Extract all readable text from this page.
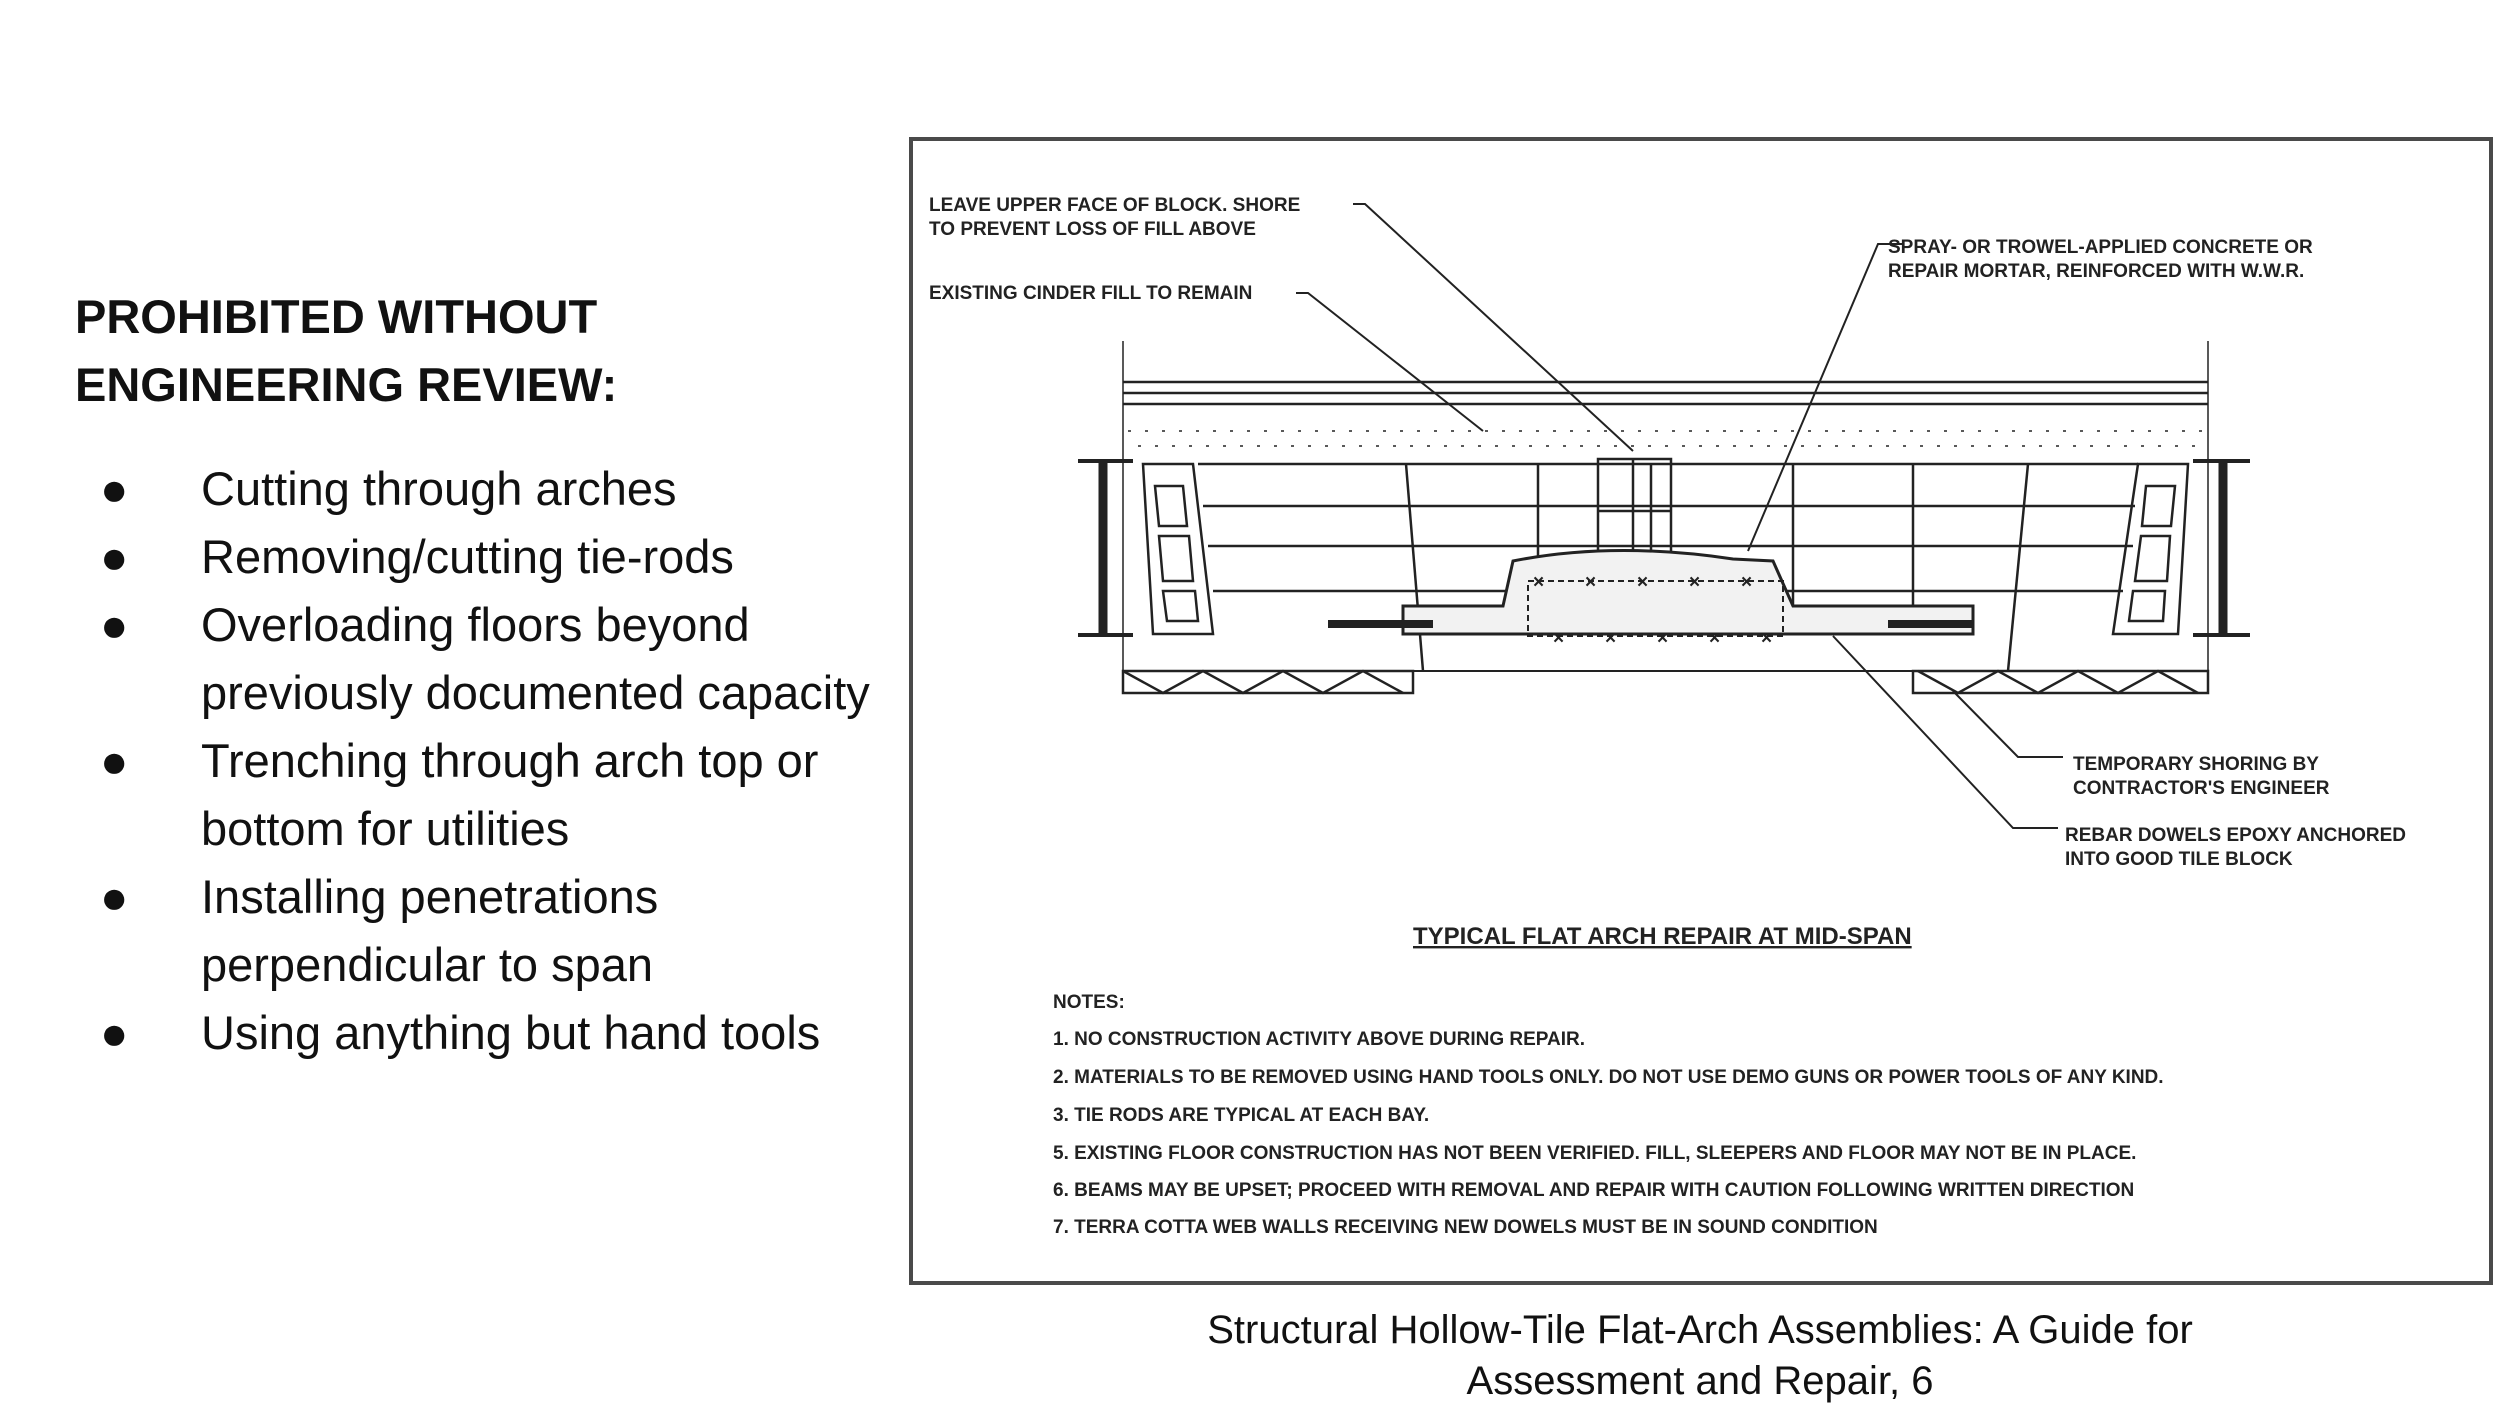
PROHIBITED WITHOUT
ENGINEERING REVIEW:
● Cutting through arches
● Removing/cutting tie-rods
● Overloading floors beyond previously documented capacity
● Trenching through arch top or bottom for utilities
● Installing penetrations perpendicular to span
● Using anything but hand tools
× × × × ×
× × × × ×
LEAVE UPPER FACE OF BLOCK. SHORE
TO PREVENT LOSS OF FILL ABOVE
EXISTING CINDER FILL TO REMAIN
SPRAY- OR TROWEL-APPLIED CONCRETE OR
REPAIR MORTAR, REINFORCED WITH W.W.R.
TEMPORARY SHORING BY
CONTRACTOR'S ENGINEER
REBAR DOWELS EPOXY ANCHORED
INTO GOOD TILE BLOCK
TYPICAL FLAT ARCH REPAIR AT MID-SPAN
NOTES:
1. NO CONSTRUCTION ACTIVITY ABOVE DURING REPAIR.
2. MATERIALS TO BE REMOVED USING HAND TOOLS ONLY. DO NOT USE DEMO GUNS OR POWER TOOLS OF ANY KIND.
3. TIE RODS ARE TYPICAL AT EACH BAY.
5. EXISTING FLOOR CONSTRUCTION HAS NOT BEEN VERIFIED. FILL, SLEEPERS AND FLOOR MAY NOT BE IN PLACE.
6. BEAMS MAY BE UPSET; PROCEED WITH REMOVAL AND REPAIR WITH CAUTION FOLLOWING WRITTEN DIRECTION
7. TERRA COTTA WEB WALLS RECEIVING NEW DOWELS MUST BE IN SOUND CONDITION
Structural Hollow-Tile Flat-Arch Assemblies: A Guide for
Assessment and Repair, 6
